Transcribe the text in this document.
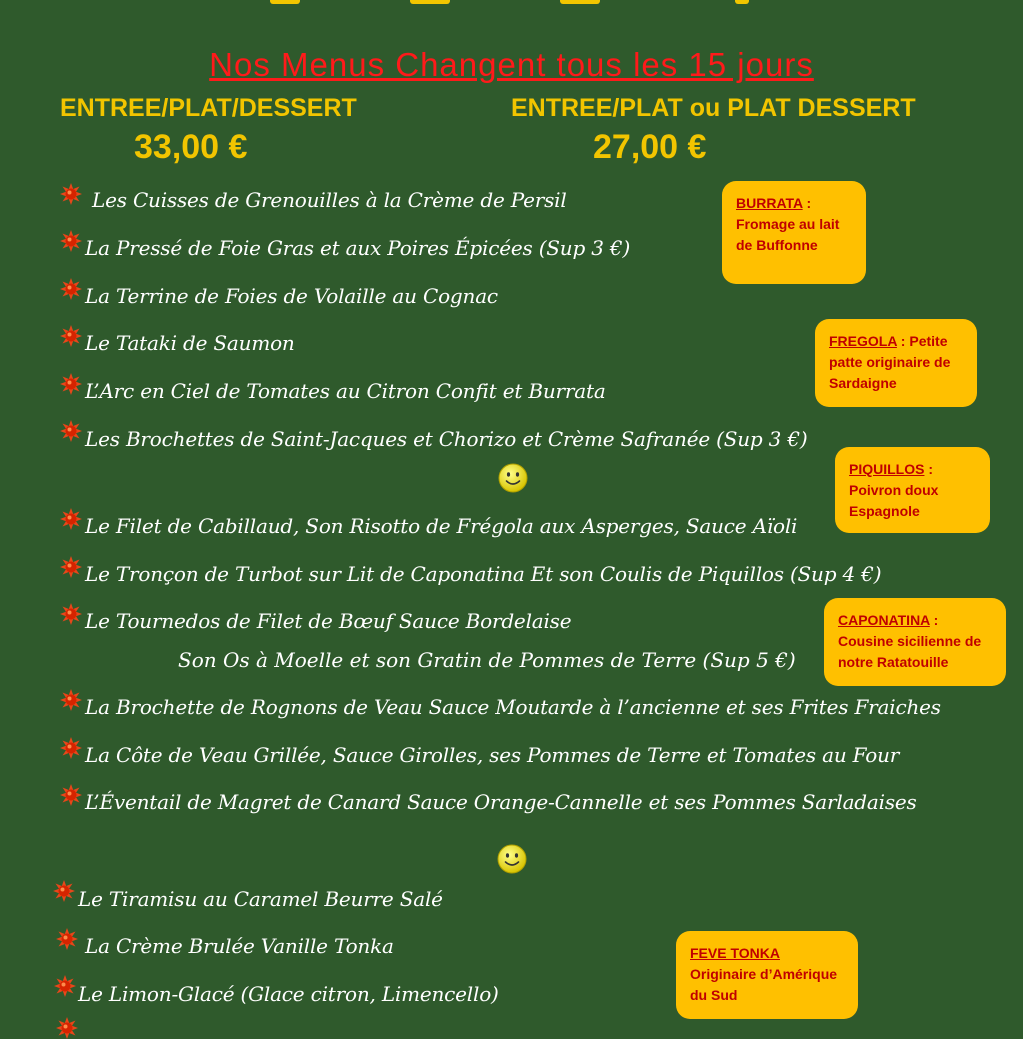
Nos Menus Changent tous les 15 jours
ENTREE/PLAT/DESSERT
33,00 €
ENTREE/PLAT ou PLAT DESSERT
27,00 €
Les Cuisses de Grenouilles à la Crème de Persil
La Pressé de Foie Gras et aux Poires Épicées (Sup 3 €)
La Terrine de Foies de Volaille au Cognac
Le Tataki de Saumon
L’Arc en Ciel de Tomates au Citron Confit et Burrata
Les Brochettes de Saint-Jacques et Chorizo et Crème Safranée (Sup 3 €)
Le Filet de Cabillaud, Son Risotto de Frégola aux Asperges, Sauce Aïoli
Le Tronçon de Turbot sur Lit de Caponatina Et son Coulis de Piquillos (Sup 4 €)
Le Tournedos de Filet de Bœuf Sauce Bordelaise
Son Os à Moelle et son Gratin de Pommes de Terre (Sup 5 €)
La Brochette de Rognons de Veau Sauce Moutarde à l’ancienne et ses Frites Fraiches
La Côte de Veau Grillée, Sauce Girolles, ses Pommes de Terre et Tomates au Four
L’Éventail de Magret de Canard Sauce Orange-Cannelle et ses Pommes Sarladaises
Le Tiramisu au Caramel Beurre Salé
La Crème Brulée Vanille Tonka
Le Limon-Glacé (Glace citron, Limencello)
BURRATA :
Fromage au lait de Buffonne
FREGOLA : Petite patte originaire de Sardaigne
PIQUILLOS :
Poivron doux Espagnole
CAPONATINA :
Cousine sicilienne de notre Ratatouille
FEVE TONKA
Originaire d’Amérique du Sud
